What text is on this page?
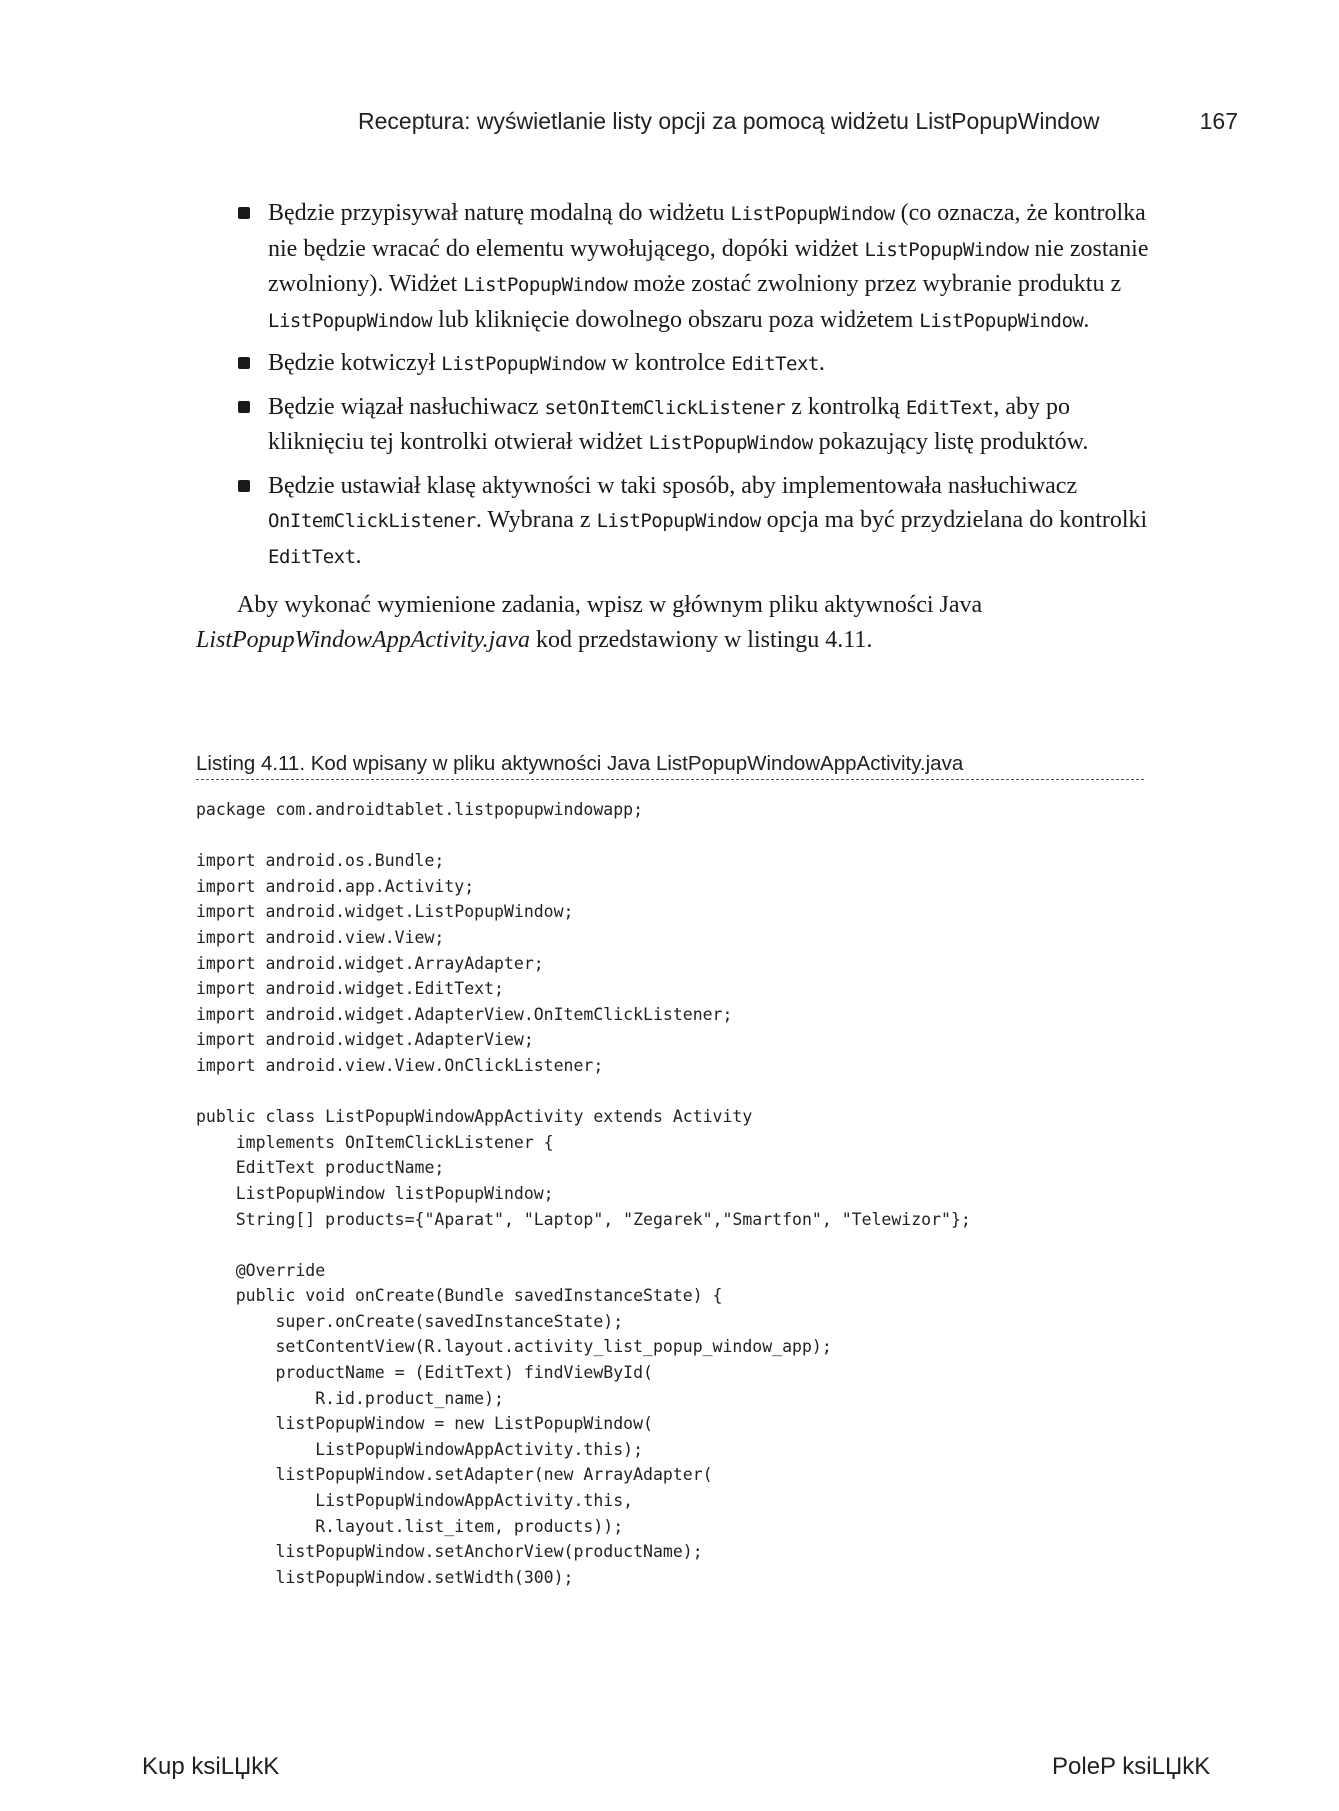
Receptura: wyświetlanie listy opcji za pomocą widżetu ListPopupWindow	167
Będzie przypisywał naturę modalną do widżetu ListPopupWindow (co oznacza, że kontrolka nie będzie wracać do elementu wywołującego, dopóki widżet ListPopupWindow nie zostanie zwolniony). Widżet ListPopupWindow może zostać zwolniony przez wybranie produktu z ListPopupWindow lub kliknięcie dowolnego obszaru poza widżetem ListPopupWindow.
Będzie kotwiczył ListPopupWindow w kontrolce EditText.
Będzie wiązał nasłuchiwacz setOnItemClickListener z kontrolką EditText, aby po kliknięciu tej kontrolki otwierał widżet ListPopupWindow pokazujący listę produktów.
Będzie ustawiał klasę aktywności w taki sposób, aby implementowała nasłuchiwacz OnItemClickListener. Wybrana z ListPopupWindow opcja ma być przydzielana do kontrolki EditText.

Aby wykonać wymienione zadania, wpisz w głównym pliku aktywności Java ListPopupWindowAppActivity.java kod przedstawiony w listingu 4.11.

Listing 4.11. Kod wpisany w pliku aktywności Java ListPopupWindowAppActivity.java
package com.androidtablet.listpopupwindowapp;

import android.os.Bundle;
import android.app.Activity;
import android.widget.ListPopupWindow;
import android.view.View;
import android.widget.ArrayAdapter;
import android.widget.EditText;
import android.widget.AdapterView.OnItemClickListener;
import android.widget.AdapterView;
import android.view.View.OnClickListener;

public class ListPopupWindowAppActivity extends Activity
implements OnItemClickListener {
EditText productName;
ListPopupWindow listPopupWindow;
String[] products={"Aparat", "Laptop", "Zegarek","Smartfon", "Telewizor"};

@Override
public void onCreate(Bundle savedInstanceState) {
super.onCreate(savedInstanceState);
setContentView(R.layout.activity_list_popup_window_app);
productName = (EditText) findViewById(
R.id.product_name);
listPopupWindow = new ListPopupWindow(
ListPopupWindowAppActivity.this);
listPopupWindow.setAdapter(new ArrayAdapter(
ListPopupWindowAppActivity.this,
R.layout.list_item, products));
listPopupWindow.setAnchorView(productName);
listPopupWindow.setWidth(300);
Kup ksiLЏkK	PoleP ksiLЏkK
